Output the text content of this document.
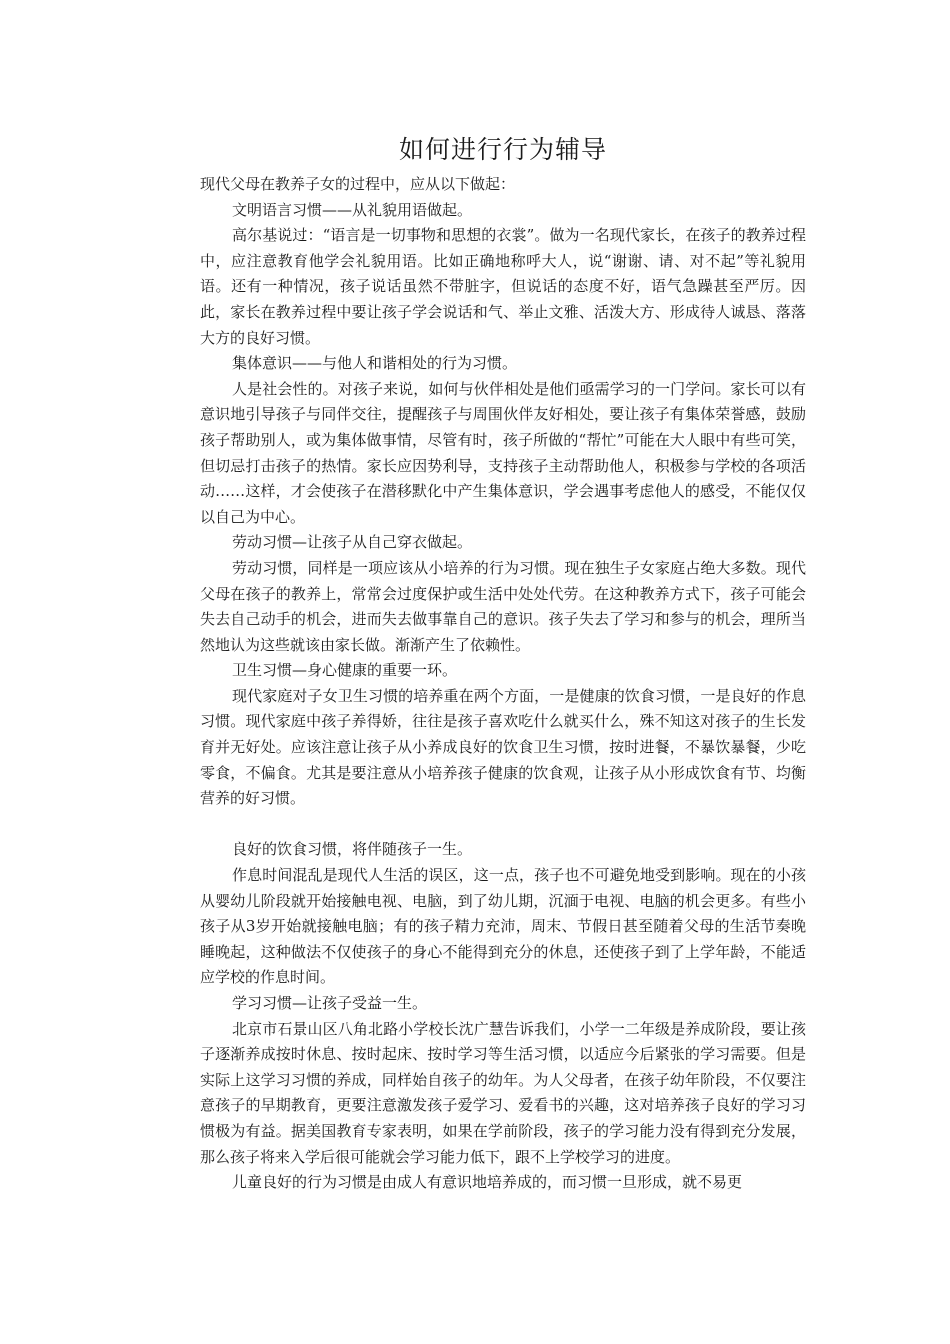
如何进行行为辅导

现代父母在教养子女的过程中，应从以下做起：

文明语言习惯——从礼貌用语做起。

高尔基说过：“语言是一切事物和思想的衣裳”。做为一名现代家长，在孩子的教养过程中，应注意教育他学会礼貌用语。比如正确地称呼大人，说“谢谢、请、对不起”等礼貌用语。还有一种情况，孩子说话虽然不带脏字，但说话的态度不好，语气急躁甚至严厉。因此，家长在教养过程中要让孩子学会说话和气、举止文雅、活泼大方、形成待人诚恳、落落大方的良好习惯。

集体意识——与他人和谐相处的行为习惯。

人是社会性的。对孩子来说，如何与伙伴相处是他们亟需学习的一门学问。家长可以有意识地引导孩子与同伴交往，提醒孩子与周围伙伴友好相处，要让孩子有集体荣誉感，鼓励孩子帮助别人，或为集体做事情，尽管有时，孩子所做的“帮忙”可能在大人眼中有些可笑，但切忌打击孩子的热情。家长应因势利导，支持孩子主动帮助他人，积极参与学校的各项活动……这样，才会使孩子在潜移默化中产生集体意识，学会遇事考虑他人的感受，不能仅仅以自己为中心。

劳动习惯—让孩子从自己穿衣做起。

劳动习惯，同样是一项应该从小培养的行为习惯。现在独生子女家庭占绝大多数。现代父母在孩子的教养上，常常会过度保护或生活中处处代劳。在这种教养方式下，孩子可能会失去自己动手的机会，进而失去做事靠自己的意识。孩子失去了学习和参与的机会，理所当然地认为这些就该由家长做。渐渐产生了依赖性。

卫生习惯—身心健康的重要一环。

现代家庭对子女卫生习惯的培养重在两个方面，一是健康的饮食习惯，一是良好的作息习惯。现代家庭中孩子养得娇，往往是孩子喜欢吃什么就买什么，殊不知这对孩子的生长发育并无好处。应该注意让孩子从小养成良好的饮食卫生习惯，按时进餐，不暴饮暴餐，少吃零食，不偏食。尤其是要注意从小培养孩子健康的饮食观，让孩子从小形成饮食有节、均衡营养的好习惯。

良好的饮食习惯，将伴随孩子一生。

作息时间混乱是现代人生活的误区，这一点，孩子也不可避免地受到影响。现在的小孩从婴幼儿阶段就开始接触电视、电脑，到了幼儿期，沉湎于电视、电脑的机会更多。有些小孩子从3岁开始就接触电脑；有的孩子精力充沛，周末、节假日甚至随着父母的生活节奏晚睡晚起，这种做法不仅使孩子的身心不能得到充分的休息，还使孩子到了上学年龄，不能适应学校的作息时间。

学习习惯—让孩子受益一生。

北京市石景山区八角北路小学校长沈广慧告诉我们，小学一二年级是养成阶段，要让孩子逐渐养成按时休息、按时起床、按时学习等生活习惯，以适应今后紧张的学习需要。但是实际上这学习习惯的养成，同样始自孩子的幼年。为人父母者，在孩子幼年阶段，不仅要注意孩子的早期教育，更要注意激发孩子爱学习、爱看书的兴趣，这对培养孩子良好的学习习惯极为有益。据美国教育专家表明，如果在学前阶段，孩子的学习能力没有得到充分发展，那么孩子将来入学后很可能就会学习能力低下，跟不上学校学习的进度。

儿童良好的行为习惯是由成人有意识地培养成的，而习惯一旦形成，就不易更
